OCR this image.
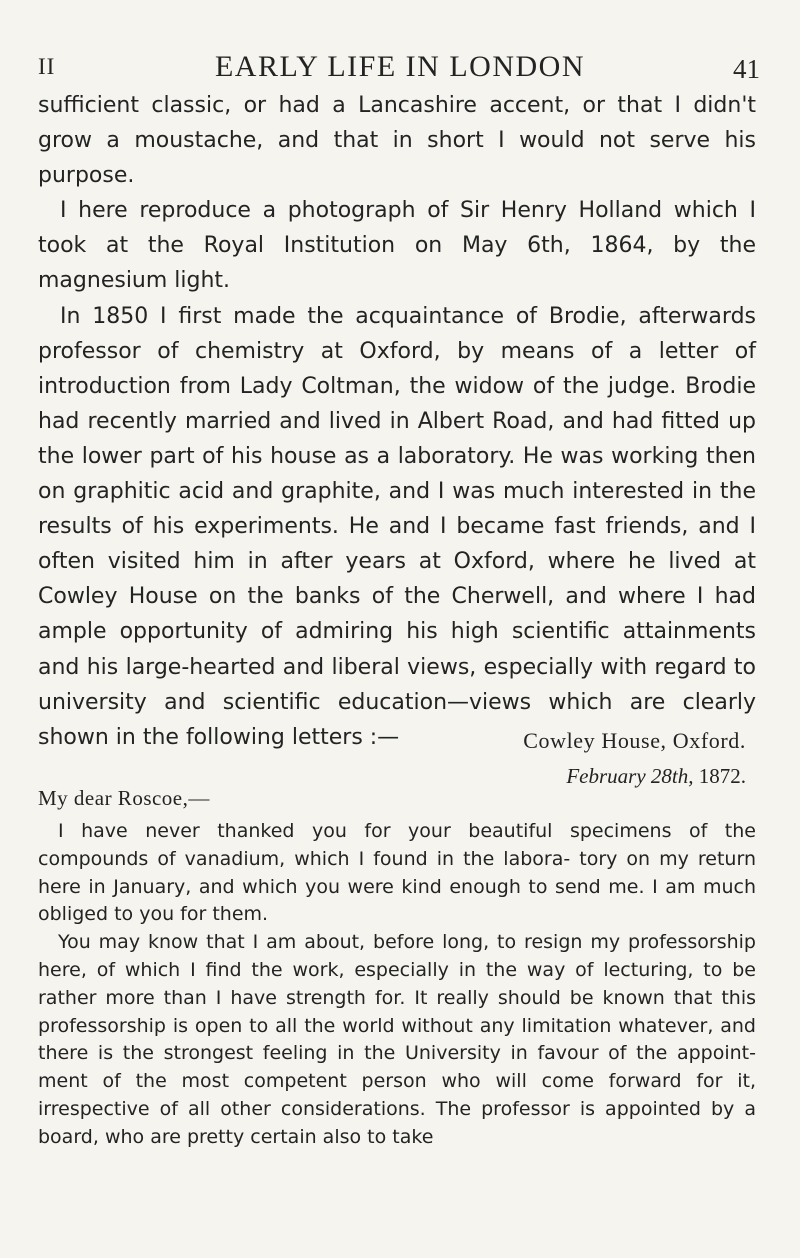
II	EARLY LIFE IN LONDON	41

sufficient classic, or had a Lancashire accent, or that I didn't grow a moustache, and that in short I would not serve his purpose.

I here reproduce a photograph of Sir Henry Holland which I took at the Royal Institution on May 6th, 1864, by the magnesium light.

In 1850 I first made the acquaintance of Brodie, afterwards professor of chemistry at Oxford, by means of a letter of introduction from Lady Coltman, the widow of the judge. Brodie had recently married and lived in Albert Road, and had fitted up the lower part of his house as a laboratory. He was working then on graphitic acid and graphite, and I was much interested in the results of his experiments. He and I became fast friends, and I often visited him in after years at Oxford, where he lived at Cowley House on the banks of the Cherwell, and where I had ample opportunity of admiring his high scientific attainments and his large-hearted and liberal views, especially with regard to university and scientific education—views which are clearly shown in the following letters :—	Cowley House, Oxford.
February 28th, 1872.
My dear Roscoe,—

I have never thanked you for your beautiful specimens of the compounds of vanadium, which I found in the labora- tory on my return here in January, and which you were kind enough to send me. I am much obliged to you for them.

You may know that I am about, before long, to resign my professorship here, of which I find the work, especially in the way of lecturing, to be rather more than I have strength for. It really should be known that this professorship is open to all the world without any limitation whatever, and there is the strongest feeling in the University in favour of the appoint- ment of the most competent person who will come forward for it, irrespective of all other considerations. The professor is appointed by a board, who are pretty certain also to take
